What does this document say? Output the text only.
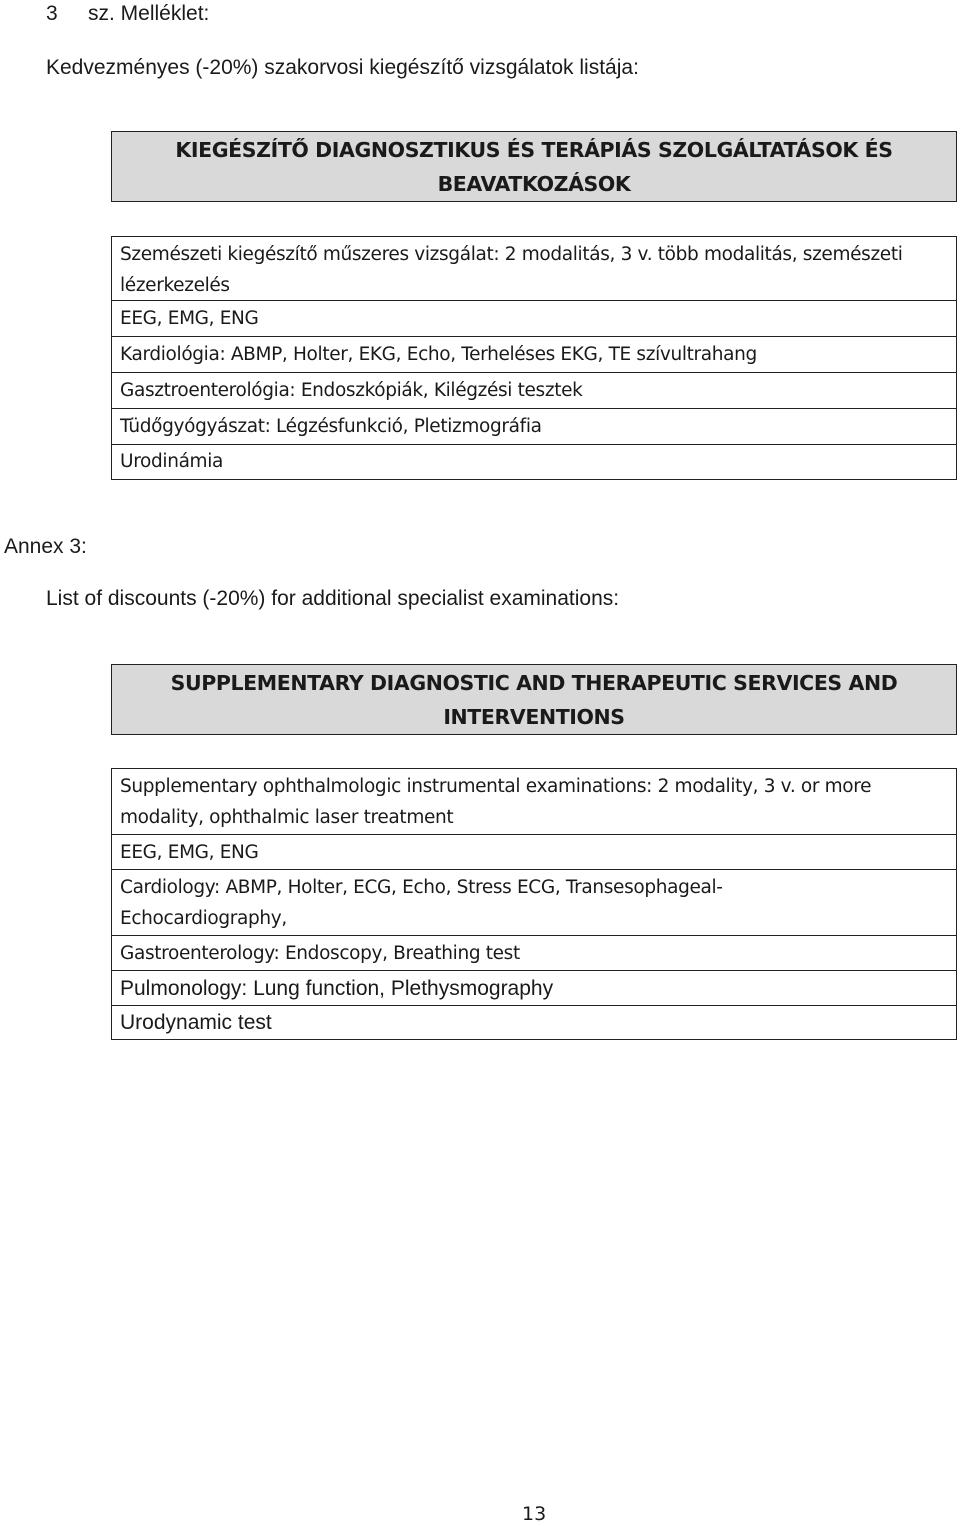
3 sz. Melléklet:
Kedvezményes (-20%) szakorvosi kiegészítő vizsgálatok listája:
KIEGÉSZÍTŐ DIAGNOSZTIKUS ÉS TERÁPIÁS SZOLGÁLTATÁSOK ÉS BEAVATKOZÁSOK
Szemészeti kiegészítő műszeres vizsgálat: 2 modalitás, 3 v. több modalitás, szemészeti lézerkezelés
EEG, EMG, ENG
Kardiológia: ABMP, Holter, EKG, Echo, Terheléses EKG, TE szívultrahang
Gasztroenterológia: Endoszkópiák, Kilégzési tesztek
Tüdőgyógyászat: Légzésfunkció, Pletizmográfia
Urodinámia
Annex 3:
List of discounts (-20%) for additional specialist examinations:
SUPPLEMENTARY DIAGNOSTIC AND THERAPEUTIC SERVICES AND INTERVENTIONS
Supplementary ophthalmologic instrumental examinations: 2 modality, 3 v. or more modality, ophthalmic laser treatment
EEG, EMG, ENG
Cardiology: ABMP, Holter, ECG, Echo, Stress ECG, Transesophageal-Echocardiography,
Gastroenterology: Endoscopy, Breathing test
Pulmonology: Lung function, Plethysmography
Urodynamic test
13
